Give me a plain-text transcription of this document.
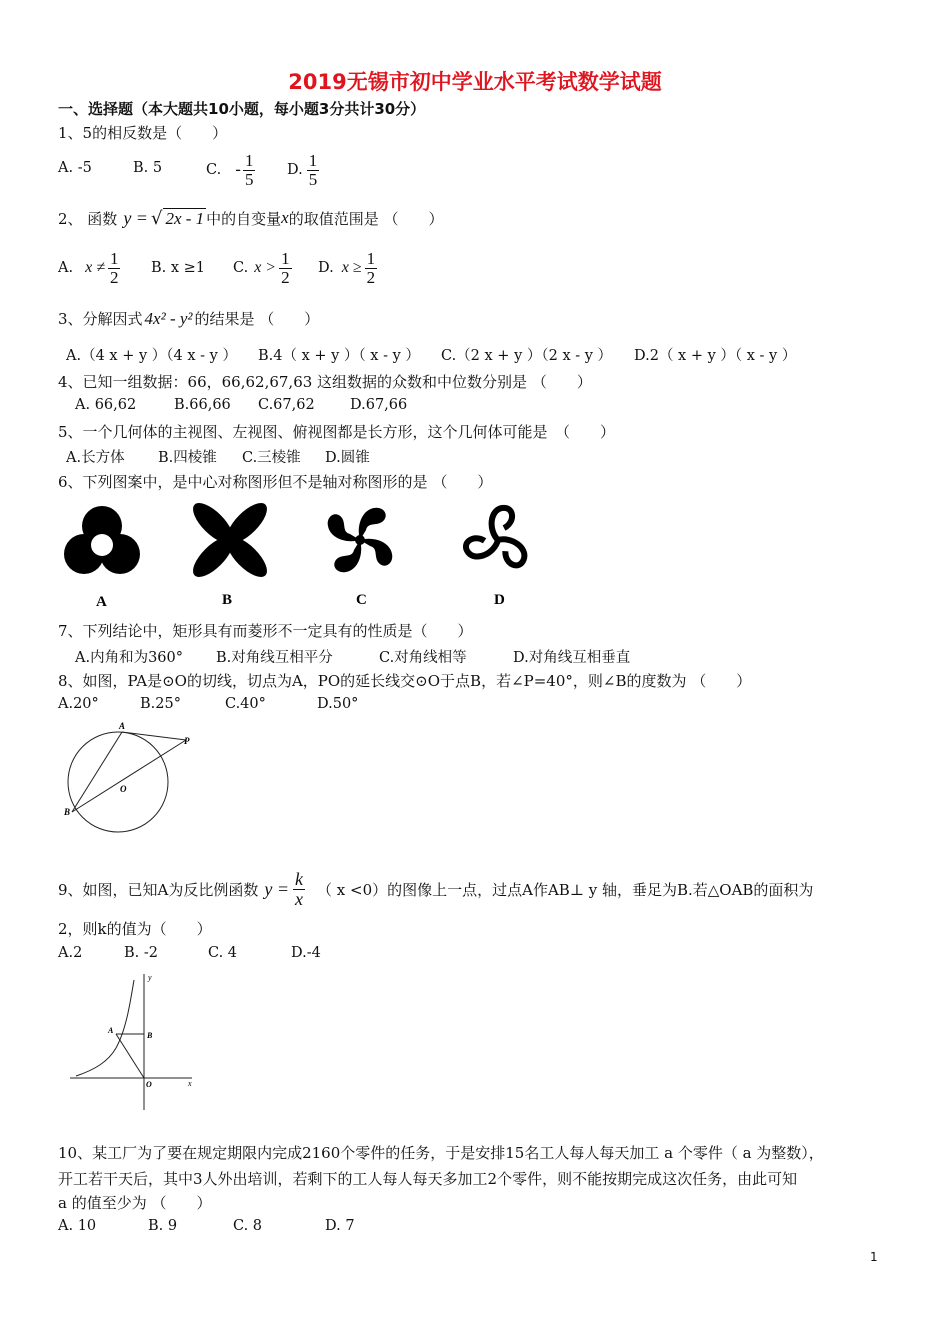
2019无锡市初中学业水平考试数学试题
一、选择题（本大题共10小题，每小题3分共计30分）
1、5的相反数是（　　）
A. -5	B. 5	C. - $\frac{1}{5} D$. $\frac{1}{5}$
2、 函数 y = √ 2x - 1 中的自变量 x 的取值范围是 （　　）
A. $x \ne \frac{1}{2} B$. x ≥1 C. $x > \frac{1}{2} D$. $x \ge \frac{1}{2}$
3、分解因式 4x² - y² 的结果是 （　　）
A.（4 x + y ）（4 x - y ） B.4（ x + y ）（ x - y ） C.（2 x + y ）（2 x - y ） D.2（ x + y ）（ x - y ）
4、已知一组数据：66，66,62,67,63 这组数据的众数和中位数分别是 （　　）
A. 66,62	B.66,66 C.67,62 D.67,66
5、一个几何体的主视图、左视图、俯视图都是长方形，这个几何体可能是　（　　）
A.长方体 B.四棱锥 C.三棱锥 D.圆锥
6、下列图案中，是中心对称图形但不是轴对称图形的是 （　　）
A	B	C	D
7、下列结论中，矩形具有而菱形不一定具有的性质是（　　）
A.内角和为360° B.对角线互相平分	C.对角线相等	D.对角线互相垂直
8、如图，PA是⊙O的切线，切点为A，PO的延长线交⊙O于点B，若∠P=40°，则∠B的度数为 （　　）
A.20°	B.25°	C.40°	D.50°
A
P
O
B
9、如图，已知A为反比例函数 $y = \frac{k}{x}$ （ x <0） 的图像上一点，过点A作AB⊥ y 轴，垂足为B.若△OAB的面积为
2，则k的值为（　　）
A.2	B. -2	C. 4	D.-4
y
x
A
B
O
10、某工厂为了要在规定期限内完成2160个零件的任务，于是安排15名工人每人每天加工 a 个零件（ a 为整数），
开工若干天后，其中3人外出培训，若剩下的工人每人每天多加工2个零件，则不能按期完成这次任务，由此可知
a 的值至少为 （　　）
A. 10	B. 9	C. 8	D. 7
1
